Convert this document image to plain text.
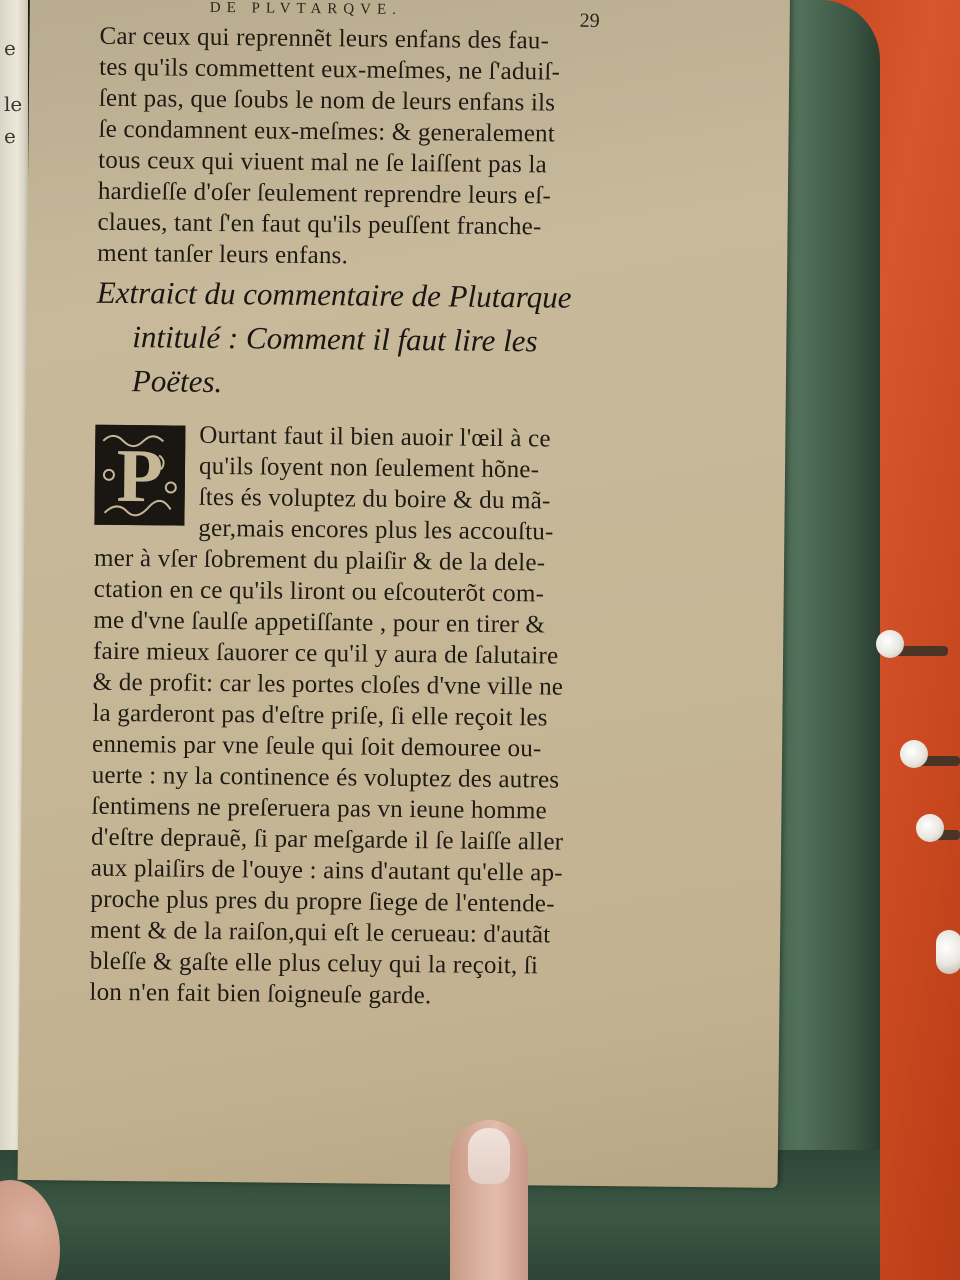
e
le
e
DE PLVTARQVE.
29
Car ceux qui reprennẽt leurs enfans des fau-
tes qu'ils commettent eux-meſmes, ne ſ'aduiſ-
ſent pas, que ſoubs le nom de leurs enfans ils
ſe condamnent eux-meſmes: & generalement
tous ceux qui viuent mal ne ſe laiſſent pas la
hardieſſe d'oſer ſeulement reprendre leurs eſ-
claues, tant ſ'en faut qu'ils peuſſent franche-
ment tanſer leurs enfans.
Extraict du commentaire de Plutarque
intitulé : Comment il faut lire les
Poëtes.
P	Ourtant faut il bien auoir l'œil à ce
qu'ils ſoyent non ſeulement hõne-
ſtes és voluptez du boire & du mã-
ger,mais encores plus les accouſtu-
mer à vſer ſobrement du plaiſir & de la dele-
ctation en ce qu'ils liront ou eſcouterõt com-
me d'vne ſaulſe appetiſſante , pour en tirer &
faire mieux ſauorer ce qu'il y aura de ſalutaire
& de profit: car les portes cloſes d'vne ville ne
la garderont pas d'eſtre priſe, ſi elle reçoit les
ennemis par vne ſeule qui ſoit demouree ou-
uerte : ny la continence és voluptez des autres
ſentimens ne preſeruera pas vn ieune homme
d'eſtre deprauẽ, ſi par meſgarde il ſe laiſſe aller
aux plaiſirs de l'ouye : ains d'autant qu'elle ap-
proche plus pres du propre ſiege de l'entende-
ment & de la raiſon,qui eſt le cerueau: d'autãt
bleſſe & gaſte elle plus celuy qui la reçoit, ſi
lon n'en fait bien ſoigneuſe garde.
